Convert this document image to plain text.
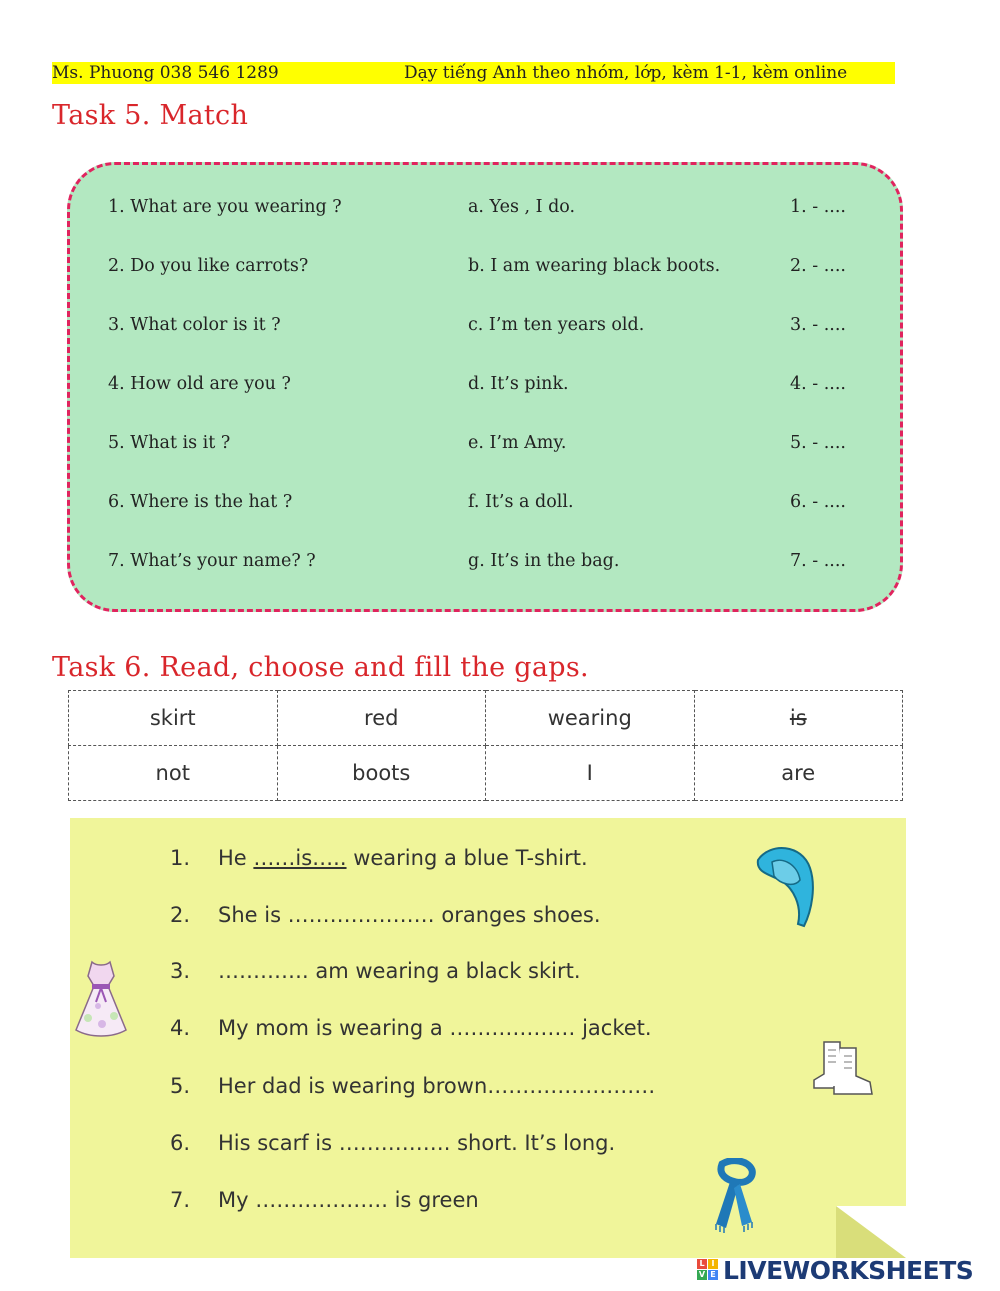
Ms. Phuong 038 546 1289	Dạy tiếng Anh theo nhóm, lớp, kèm 1-1, kèm online
Task 5. Match
1. What are you wearing ?	a. Yes , I do.	1. - ....
2. Do you like carrots?	b. I am wearing black boots.	2. - ....
3. What color is it ?	c. I’m ten years old.	3. - ....
4. How old are you ?	d. It’s pink.	4. - ....
5. What is it ?	e. I’m Amy.	5. - ....
6. Where is the hat ?	f. It’s a doll.	6. - ....
7. What’s your name? ?	g. It’s in the bag.	7. - ....
Task 6. Read, choose and fill the gaps.
skirt	red	wearing	is
not	boots	I	are
1.	He ……is….. wearing a blue T-shirt.
2.	She is ………………… oranges shoes.
3.	…………. am wearing a black skirt.
4.	My mom is wearing a ……………… jacket.
5.	Her dad is wearing brown……………………
6.	His scarf is ……………. short. It’s long.
7.	My ………………. is green
L I
V E LIVEWORKSHEETS
